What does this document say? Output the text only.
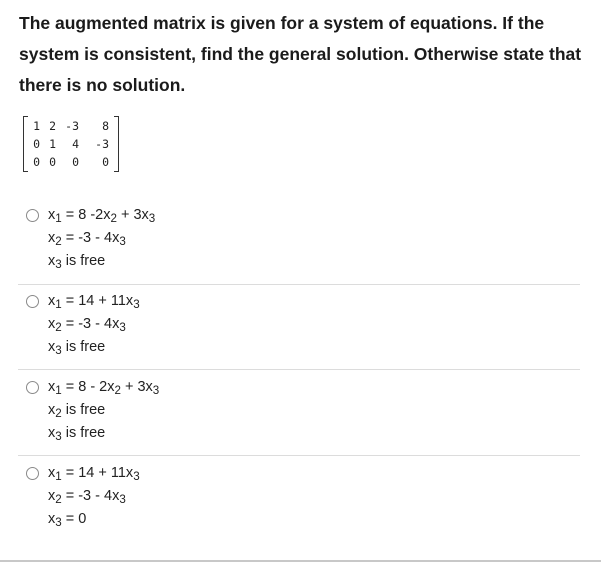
The augmented matrix is given for a system of equations. If the system is consistent, find the general solution. Otherwise state that there is no solution.
1 2 -3	8
0 1	4	-3
0 0	0	0
$x_1 = 8$ $-2x_2 + 3x_3$
$x_2 = -3 - 4x_3$
$x_3$ is free
$x_1 = 14 + 11x_3$
$x_2 = -3 - 4x_3$
$x_3$ is free
$x_1 = 8 - 2x_2 + 3x_3$
$x_2$ is free
$x_3$ is free
$x_1 = 14 + 11x_3$
$x_2 = -3 - 4x_3$
$x_3 = 0$
